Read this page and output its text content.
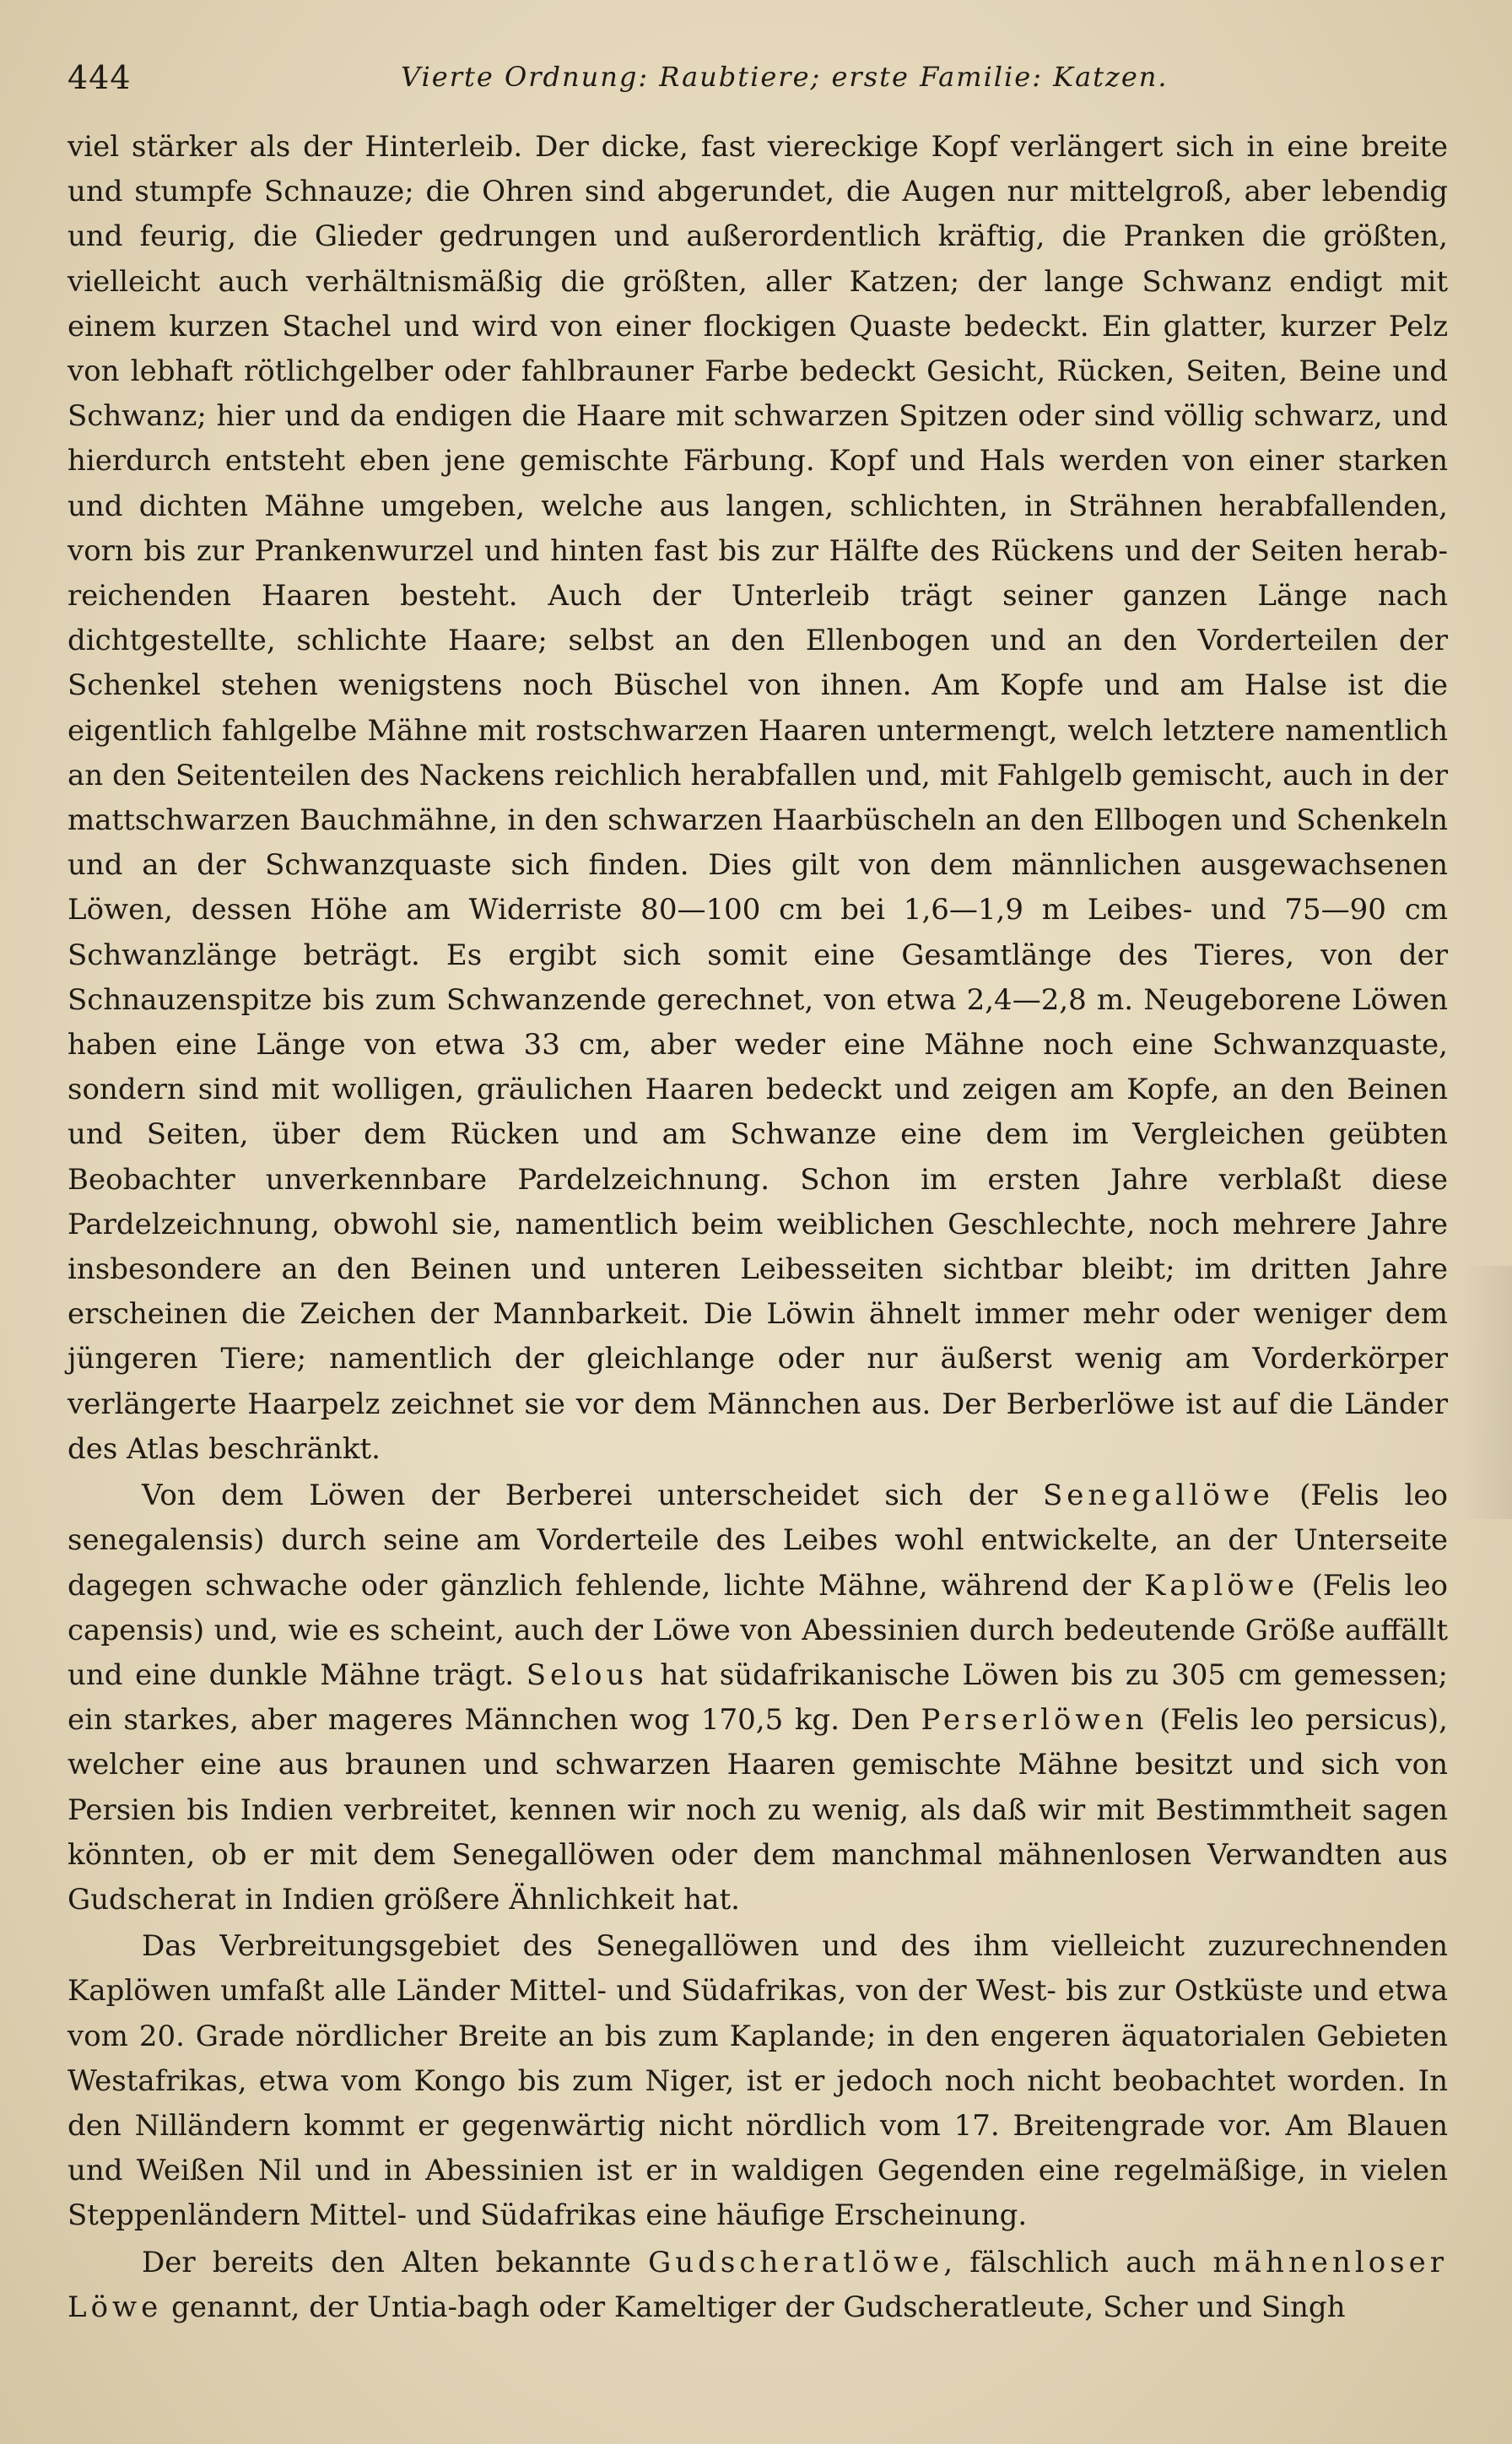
444	Vierte Ordnung: Raubtiere; erste Familie: Katzen.

viel stärker als der Hinterleib. Der dicke, fast viereckige Kopf verlängert sich in eine breite und stumpfe Schnauze; die Ohren sind abgerundet, die Augen nur mittelgroß, aber lebendig und feurig, die Glieder gedrungen und außerordentlich kräftig, die Pranken die größten, vielleicht auch verhältnismäßig die größten, aller Katzen; der lange Schwanz endigt mit einem kurzen Stachel und wird von einer flockigen Quaste bedeckt. Ein glatter, kurzer Pelz von lebhaft rötlichgelber oder fahlbrauner Farbe bedeckt Gesicht, Rücken, Seiten, Beine und Schwanz; hier und da endigen die Haare mit schwarzen Spitzen oder sind völlig schwarz, und hierdurch entsteht eben jene gemischte Färbung. Kopf und Hals werden von einer starken und dichten Mähne umgeben, welche aus langen, schlichten, in Strähnen herabfallenden, vorn bis zur Prankenwurzel und hinten fast bis zur Hälfte des Rückens und der Seiten herab-reichenden Haaren besteht. Auch der Unterleib trägt seiner ganzen Länge nach dichtgestellte, schlichte Haare; selbst an den Ellenbogen und an den Vorderteilen der Schenkel stehen wenigstens noch Büschel von ihnen. Am Kopfe und am Halse ist die eigentlich fahlgelbe Mähne mit rostschwarzen Haaren untermengt, welch letztere namentlich an den Seitenteilen des Nackens reichlich herabfallen und, mit Fahlgelb gemischt, auch in der mattschwarzen Bauchmähne, in den schwarzen Haarbüscheln an den Ellbogen und Schenkeln und an der Schwanzquaste sich finden. Dies gilt von dem männlichen ausgewachsenen Löwen, dessen Höhe am Widerriste 80—100 cm bei 1,6—1,9 m Leibes- und 75—90 cm Schwanzlänge beträgt. Es ergibt sich somit eine Gesamtlänge des Tieres, von der Schnauzenspitze bis zum Schwanzende gerechnet, von etwa 2,4—2,8 m. Neugeborene Löwen haben eine Länge von etwa 33 cm, aber weder eine Mähne noch eine Schwanzquaste, sondern sind mit wolligen, gräulichen Haaren bedeckt und zeigen am Kopfe, an den Beinen und Seiten, über dem Rücken und am Schwanze eine dem im Vergleichen geübten Beobachter unverkennbare Pardelzeichnung. Schon im ersten Jahre verblaßt diese Pardelzeichnung, obwohl sie, namentlich beim weiblichen Geschlechte, noch mehrere Jahre insbesondere an den Beinen und unteren Leibesseiten sichtbar bleibt; im dritten Jahre erscheinen die Zeichen der Mannbarkeit. Die Löwin ähnelt immer mehr oder weniger dem jüngeren Tiere; namentlich der gleichlange oder nur äußerst wenig am Vorderkörper verlängerte Haarpelz zeichnet sie vor dem Männchen aus. Der Berberlöwe ist auf die Länder des Atlas beschränkt.

Von dem Löwen der Berberei unterscheidet sich der Senegallöwe (Felis leo senegalensis) durch seine am Vorderteile des Leibes wohl entwickelte, an der Unterseite dagegen schwache oder gänzlich fehlende, lichte Mähne, während der Kaplöwe (Felis leo capensis) und, wie es scheint, auch der Löwe von Abessinien durch bedeutende Größe auffällt und eine dunkle Mähne trägt. Selous hat südafrikanische Löwen bis zu 305 cm gemessen; ein starkes, aber mageres Männchen wog 170,5 kg. Den Perserlöwen (Felis leo persicus), welcher eine aus braunen und schwarzen Haaren gemischte Mähne besitzt und sich von Persien bis Indien verbreitet, kennen wir noch zu wenig, als daß wir mit Bestimmtheit sagen könnten, ob er mit dem Senegallöwen oder dem manchmal mähnenlosen Verwandten aus Gudscherat in Indien größere Ähnlichkeit hat.

Das Verbreitungsgebiet des Senegallöwen und des ihm vielleicht zuzurechnenden Kaplöwen umfaßt alle Länder Mittel- und Südafrikas, von der West- bis zur Ostküste und etwa vom 20. Grade nördlicher Breite an bis zum Kaplande; in den engeren äquatorialen Gebieten Westafrikas, etwa vom Kongo bis zum Niger, ist er jedoch noch nicht beobachtet worden. In den Nilländern kommt er gegenwärtig nicht nördlich vom 17. Breitengrade vor. Am Blauen und Weißen Nil und in Abessinien ist er in waldigen Gegenden eine regelmäßige, in vielen Steppenländern Mittel- und Südafrikas eine häufige Erscheinung.

Der bereits den Alten bekannte Gudscheratlöwe, fälschlich auch mähnenloser Löwe genannt, der Untia-bagh oder Kameltiger der Gudscheratleute, Scher und Singh
